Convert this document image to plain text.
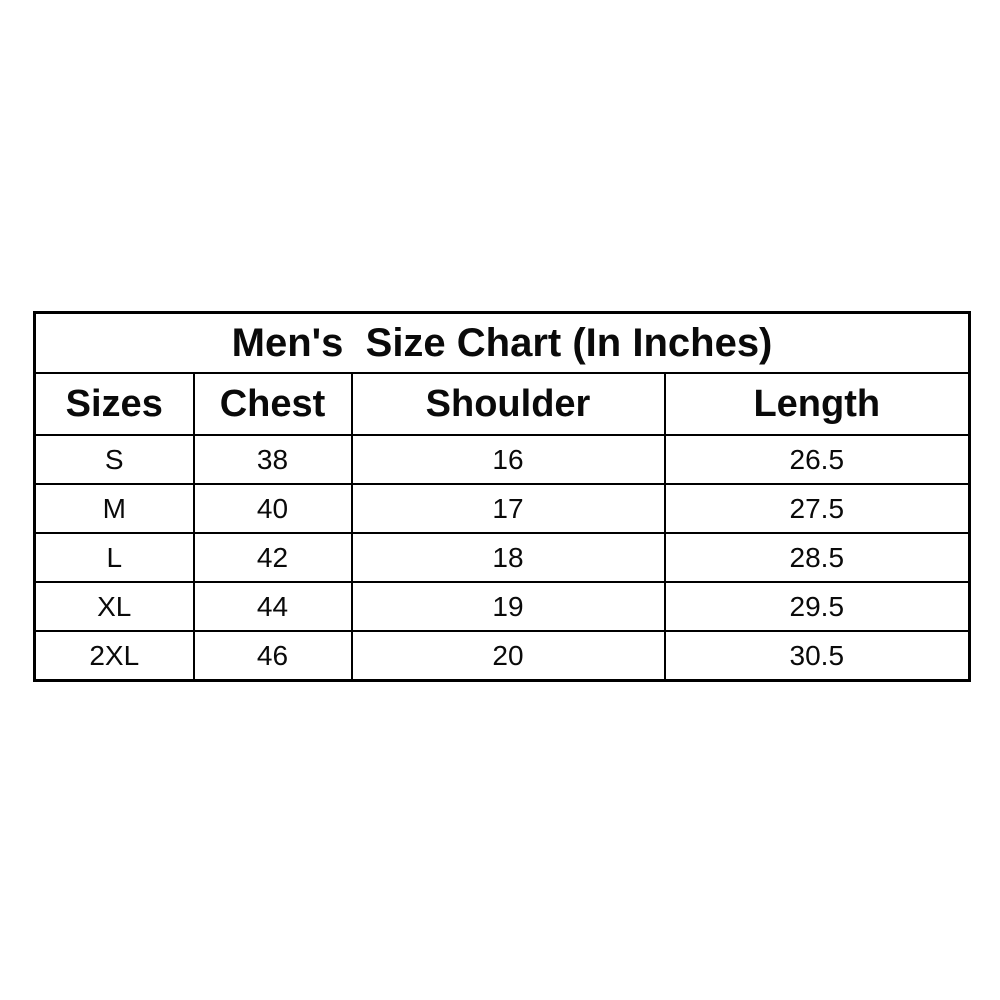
Men's  Size Chart (In Inches)			
Sizes	Chest	Shoulder	Length
S	38	16	26.5
M	40	17	27.5
L	42	18	28.5
XL	44	19	29.5
2XL	46	20	30.5
